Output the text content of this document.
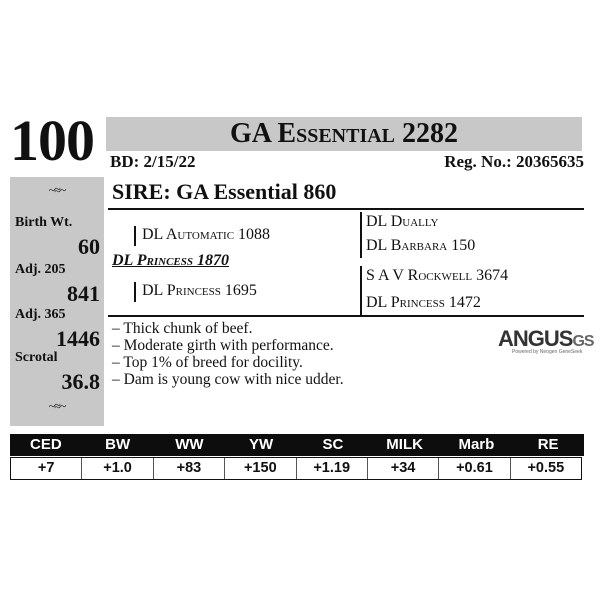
100	GA Essential 2282
BD: 2/15/22	Reg. No.: 20365635
~≈~
Birth Wt.
60
Adj. 205
841
Adj. 365
1446
Scrotal
36.8
~≈~
SIRE: GA Essential 860
DL Automatic 1088
DL Princess 1870
DL Princess 1695
DL Dually
DL Barbara 150
S A V Rockwell 3674
DL Princess 1472
– Thick chunk of beef.
– Moderate girth with performance.
– Top 1% of breed for docility.
– Dam is young cow with nice udder.
ANGUSGS
Powered by Neogen GeneSeek
CED	BW	WW	YW	SC	MILK	Marb	RE
+7	+1.0	+83	+150	+1.19	+34	+0.61	+0.55
